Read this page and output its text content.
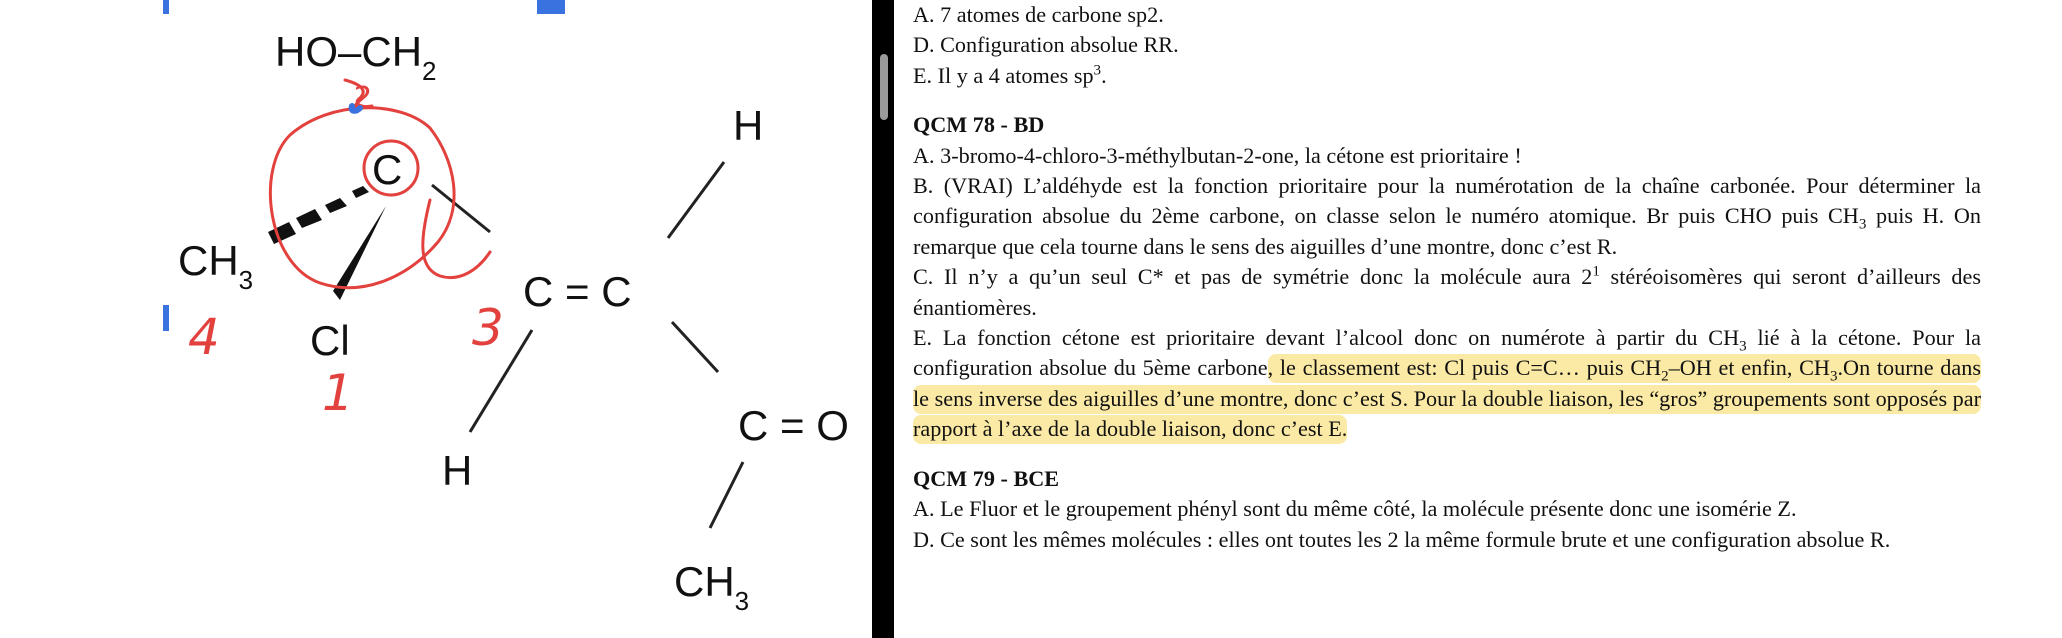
$HO-CH_2$
C
$CH_3$
Cl
H
C = C
H
C = O
$CH_3$
2
3
4
1

A. 7 atomes de carbone sp2.

D. Configuration absolue RR.

E. Il y a 4 atomes $sp^3$.

QCM 78 - BD

A. 3-bromo-4-chloro-3-méthylbutan-2-one, la cétone est prioritaire !

B. (VRAI) L’aldéhyde est la fonction prioritaire pour la numérotation de la chaîne carbonée. Pour déterminer la configuration absolue du 2ème carbone, on classe selon le numéro atomique. Br puis CHO puis $CH_3$ puis H. On remarque que cela tourne dans le sens des aiguilles d’une montre, donc c’est R.

C. Il n’y a qu’un seul C* et pas de symétrie donc la molécule aura $2^1$ stéréoisomères qui seront d’ailleurs des énantiomères.

E. La fonction cétone est prioritaire devant l’alcool donc on numérote à partir du $CH_3$ lié à la cétone. Pour la configuration absolue du 5ème carbone, le classement est: Cl puis C=C… puis $CH_2-OH$ et enfin, $CH_3.On$ tourne dans le sens inverse des aiguilles d’une montre, donc c’est S. Pour la double liaison, les “gros” groupements sont opposés par rapport à l’axe de la double liaison, donc c’est E.

QCM 79 - BCE

A. Le Fluor et le groupement phényl sont du même côté, la molécule présente donc une isomérie Z.

D. Ce sont les mêmes molécules : elles ont toutes les 2 la même formule brute et une configuration absolue R.
